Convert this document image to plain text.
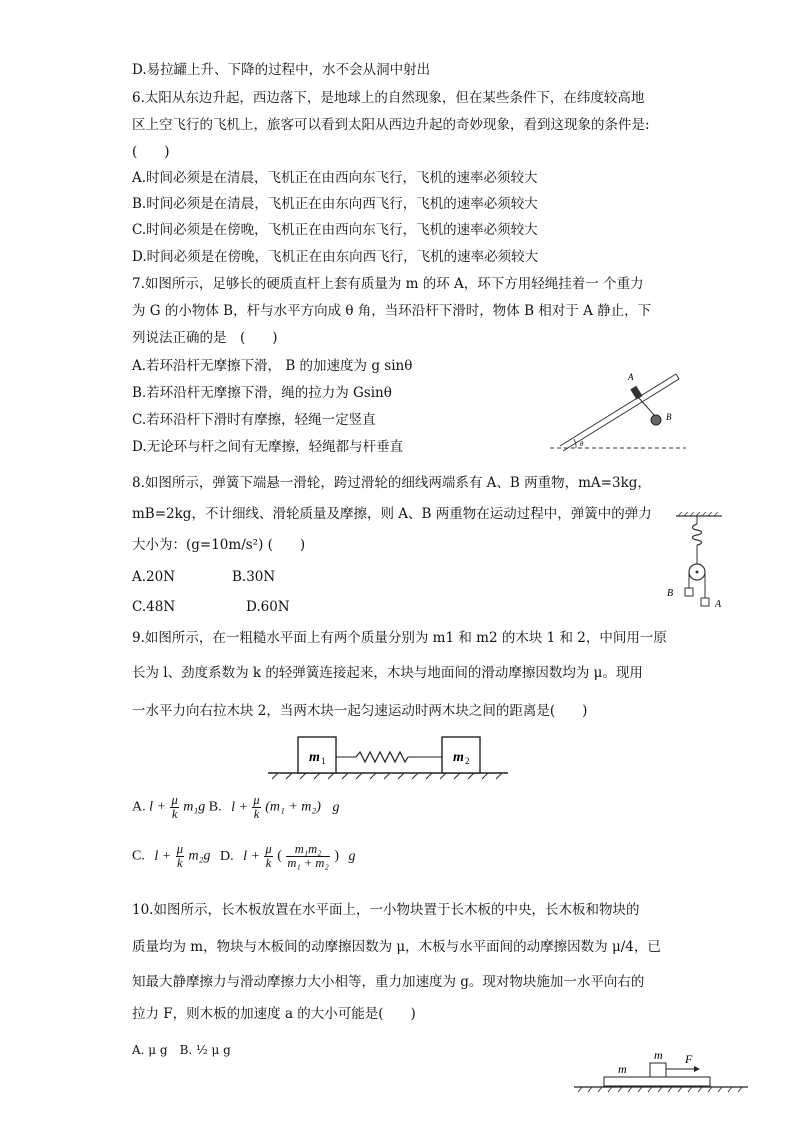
D.易拉罐上升、下降的过程中，水不会从洞中射出
6.太阳从东边升起，西边落下，是地球上的自然现象，但在某些条件下，在纬度较高地
区上空飞行的飞机上，旅客可以看到太阳从西边升起的奇妙现象，看到这现象的条件是:
(　　)
A.时间必须是在清晨，飞机正在由西向东飞行，飞机的速率必须较大
B.时间必须是在清晨，飞机正在由东向西飞行，飞机的速率必须较大
C.时间必须是在傍晚，飞机正在由西向东飞行，飞机的速率必须较大
D.时间必须是在傍晚，飞机正在由东向西飞行，飞机的速率必须较大
7.如图所示，足够长的硬质直杆上套有质量为 m 的环 A，环下方用轻绳挂着一 个重力
为 G 的小物体 B，杆与水平方向成 θ 角，当环沿杆下滑时，物体 B 相对于 A 静止，下
列说法正确的是　(　　)
A.若环沿杆无摩擦下滑， B 的加速度为 g sinθ
B.若环沿杆无摩擦下滑，绳的拉力为 Gsinθ
C.若环沿杆下滑时有摩擦，轻绳一定竖直
D.无论环与杆之间有无摩擦，轻绳都与杆垂直
8.如图所示，弹簧下端悬一滑轮，跨过滑轮的细线两端系有 A、B 两重物，mA=3kg，
mB=2kg，不计细线、滑轮质量及摩擦，则 A、B 两重物在运动过程中，弹簧中的弹力
大小为：(g=10m/s²) (　　)
A.20N	B.30N
C.48N	D.60N
9.如图所示，在一粗糙水平面上有两个质量分别为 m1 和 m2 的木块 1 和 2，中间用一原
长为 l、劲度系数为 k 的轻弹簧连接起来，木块与地面间的滑动摩擦因数均为 μ。现用
一水平力向右拉木块 2，当两木块一起匀速运动时两木块之间的距离是(　　)
A. $l + \frac{\mu}{k} m_1g$ B. $l + \frac{\mu}{k} (m_1 + m_2)$ g
C. $l + \frac{\mu}{k} m_2g$ D. $l + \frac{\mu}{k}$ ( $\frac{\text{m₁m₂}}{\text{m₁ + m₂}}$ ) g
10.如图所示，长木板放置在水平面上，一小物块置于长木板的中央，长木板和物块的
质量均为 m，物块与木板间的动摩擦因数为 μ，木板与水平面间的动摩擦因数为 μ/4，已
知最大静摩擦力与滑动摩擦力大小相等，重力加速度为 g。现对物块施加一水平向右的
拉力 F，则木板的加速度 a 的大小可能是(　　)
A. μ g　B. ½ μ g
A
B
θ
B
A
m 1	m 2
m F
m
